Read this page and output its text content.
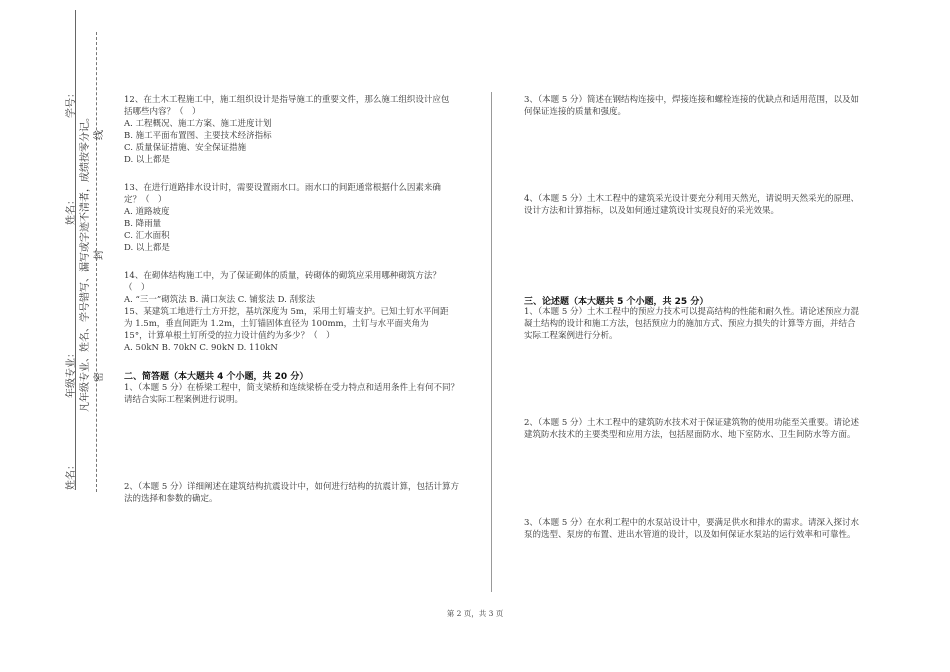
学号：
姓名：
年级专业：
姓名：
凡年级专业、姓名、学号错写、漏写或字迹不清者，成绩按零分记。 密
封
线
12、在土木工程施工中，施工组织设计是指导施工的重要文件，那么施工组织设计应包括哪些内容？（　）
A. 工程概况、施工方案、施工进度计划
B. 施工平面布置图、主要技术经济指标
C. 质量保证措施、安全保证措施
D. 以上都是
13、在进行道路排水设计时，需要设置雨水口。雨水口的间距通常根据什么因素来确定？（　）
A. 道路坡度
B. 降雨量
C. 汇水面积
D. 以上都是
14、在砌体结构施工中，为了保证砌体的质量，砖砌体的砌筑应采用哪种砌筑方法？（　）
A. “三一”砌筑法 B. 满口灰法 C. 铺浆法 D. 刮浆法
15、某建筑工地进行土方开挖，基坑深度为 5m，采用土钉墙支护。已知土钉水平间距为 1.5m，垂直间距为 1.2m，土钉锚固体直径为 100mm，土钉与水平面夹角为 15°，计算单根土钉所受的拉力设计值约为多少？（　）
A. 50kN B. 70kN C. 90kN D. 110kN
二、简答题（本大题共 4 个小题，共 20 分）
1、（本题 5 分）在桥梁工程中，简支梁桥和连续梁桥在受力特点和适用条件上有何不同？请结合实际工程案例进行说明。
2、（本题 5 分）详细阐述在建筑结构抗震设计中，如何进行结构的抗震计算，包括计算方法的选择和参数的确定。
3、（本题 5 分）简述在钢结构连接中，焊接连接和螺栓连接的优缺点和适用范围，以及如何保证连接的质量和强度。
4、（本题 5 分）土木工程中的建筑采光设计要充分利用天然光，请说明天然采光的原理、设计方法和计算指标，以及如何通过建筑设计实现良好的采光效果。
三、论述题（本大题共 5 个小题，共 25 分）
1、（本题 5 分）土木工程中的预应力技术可以提高结构的性能和耐久性。请论述预应力混凝土结构的设计和施工方法，包括预应力的施加方式、预应力损失的计算等方面，并结合实际工程案例进行分析。
2、（本题 5 分）土木工程中的建筑防水技术对于保证建筑物的使用功能至关重要。请论述建筑防水技术的主要类型和应用方法，包括屋面防水、地下室防水、卫生间防水等方面。
3、（本题 5 分）在水利工程中的水泵站设计中，要满足供水和排水的需求。请深入探讨水泵的选型、泵房的布置、进出水管道的设计，以及如何保证水泵站的运行效率和可靠性。
第 2 页，共 3 页
